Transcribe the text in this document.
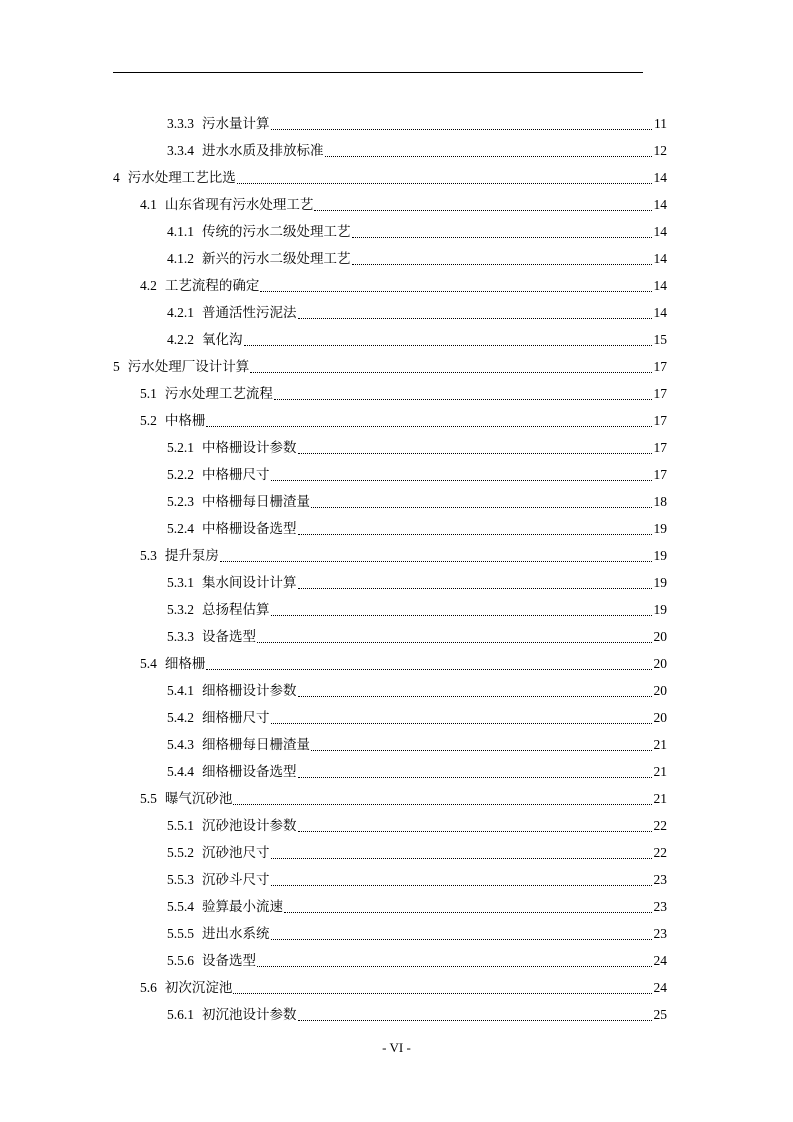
3.3.3 污水量计算	11
3.3.4 进水水质及排放标准	12
4 污水处理工艺比选	14
4.1 山东省现有污水处理工艺	14
4.1.1 传统的污水二级处理工艺	14
4.1.2 新兴的污水二级处理工艺	14
4.2 工艺流程的确定	14
4.2.1 普通活性污泥法	14
4.2.2 氧化沟	15
5 污水处理厂设计计算	17
5.1 污水处理工艺流程	17
5.2 中格栅	17
5.2.1 中格栅设计参数	17
5.2.2 中格栅尺寸	17
5.2.3 中格栅每日栅渣量	18
5.2.4 中格栅设备选型	19
5.3 提升泵房	19
5.3.1 集水间设计计算	19
5.3.2 总扬程估算	19
5.3.3 设备选型	20
5.4 细格栅	20
5.4.1 细格栅设计参数	20
5.4.2 细格栅尺寸	20
5.4.3 细格栅每日栅渣量	21
5.4.4 细格栅设备选型	21
5.5 曝气沉砂池	21
5.5.1 沉砂池设计参数	22
5.5.2 沉砂池尺寸	22
5.5.3 沉砂斗尺寸	23
5.5.4 验算最小流速	23
5.5.5 进出水系统	23
5.5.6 设备选型	24
5.6 初次沉淀池	24
5.6.1 初沉池设计参数	25
- VI -
